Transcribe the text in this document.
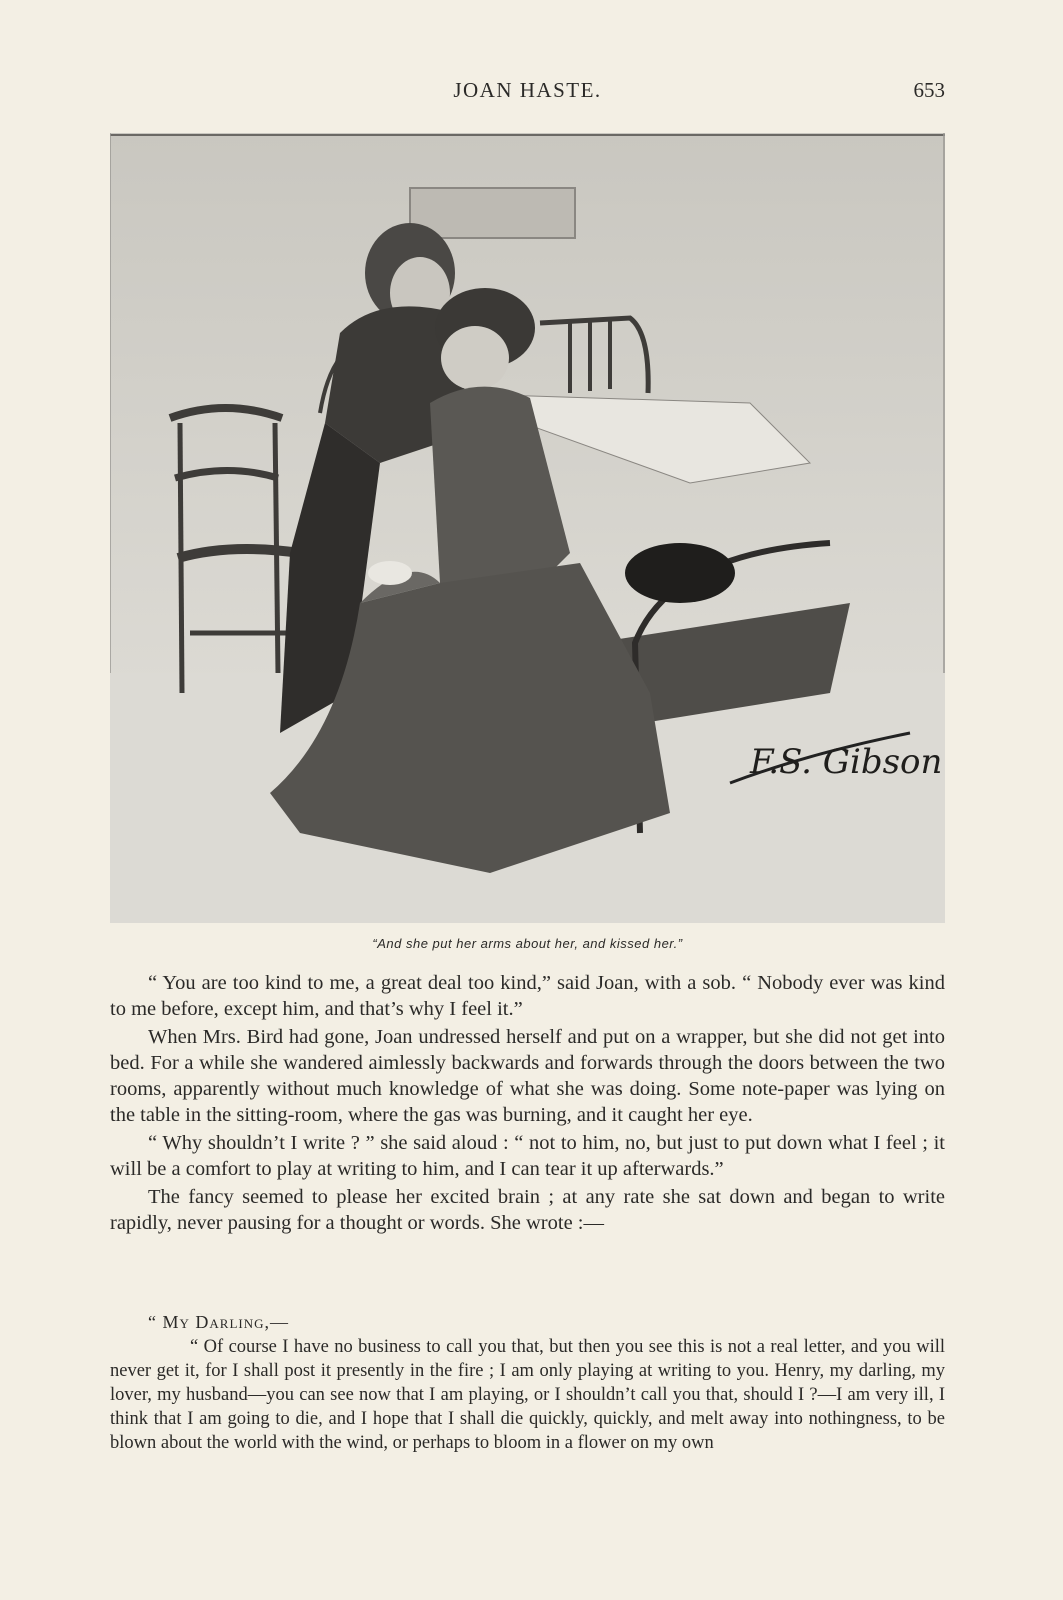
JOAN HASTE.	653
F.S. Gibson
“And she put her arms about her, and kissed her.”

“ You are too kind to me, a great deal too kind,” said Joan, with a sob. “ Nobody ever was kind to me before, except him, and that’s why I feel it.”

When Mrs. Bird had gone, Joan undressed herself and put on a wrapper, but she did not get into bed. For a while she wandered aimlessly backwards and forwards through the doors between the two rooms, apparently without much knowledge of what she was doing. Some note-paper was lying on the table in the sitting-room, where the gas was burning, and it caught her eye.

“ Why shouldn’t I write ? ” she said aloud : “ not to him, no, but just to put down what I feel ; it will be a comfort to play at writing to him, and I can tear it up afterwards.”

The fancy seemed to please her excited brain ; at any rate she sat down and began to write rapidly, never pausing for a thought or words. She wrote :—

“ My Darling,—

“ Of course I have no business to call you that, but then you see this is not a real letter, and you will never get it, for I shall post it presently in the fire ; I am only playing at writing to you. Henry, my darling, my lover, my husband—you can see now that I am playing, or I shouldn’t call you that, should I ?—I am very ill, I think that I am going to die, and I hope that I shall die quickly, quickly, and melt away into nothingness, to be blown about the world with the wind, or perhaps to bloom in a flower on my own
